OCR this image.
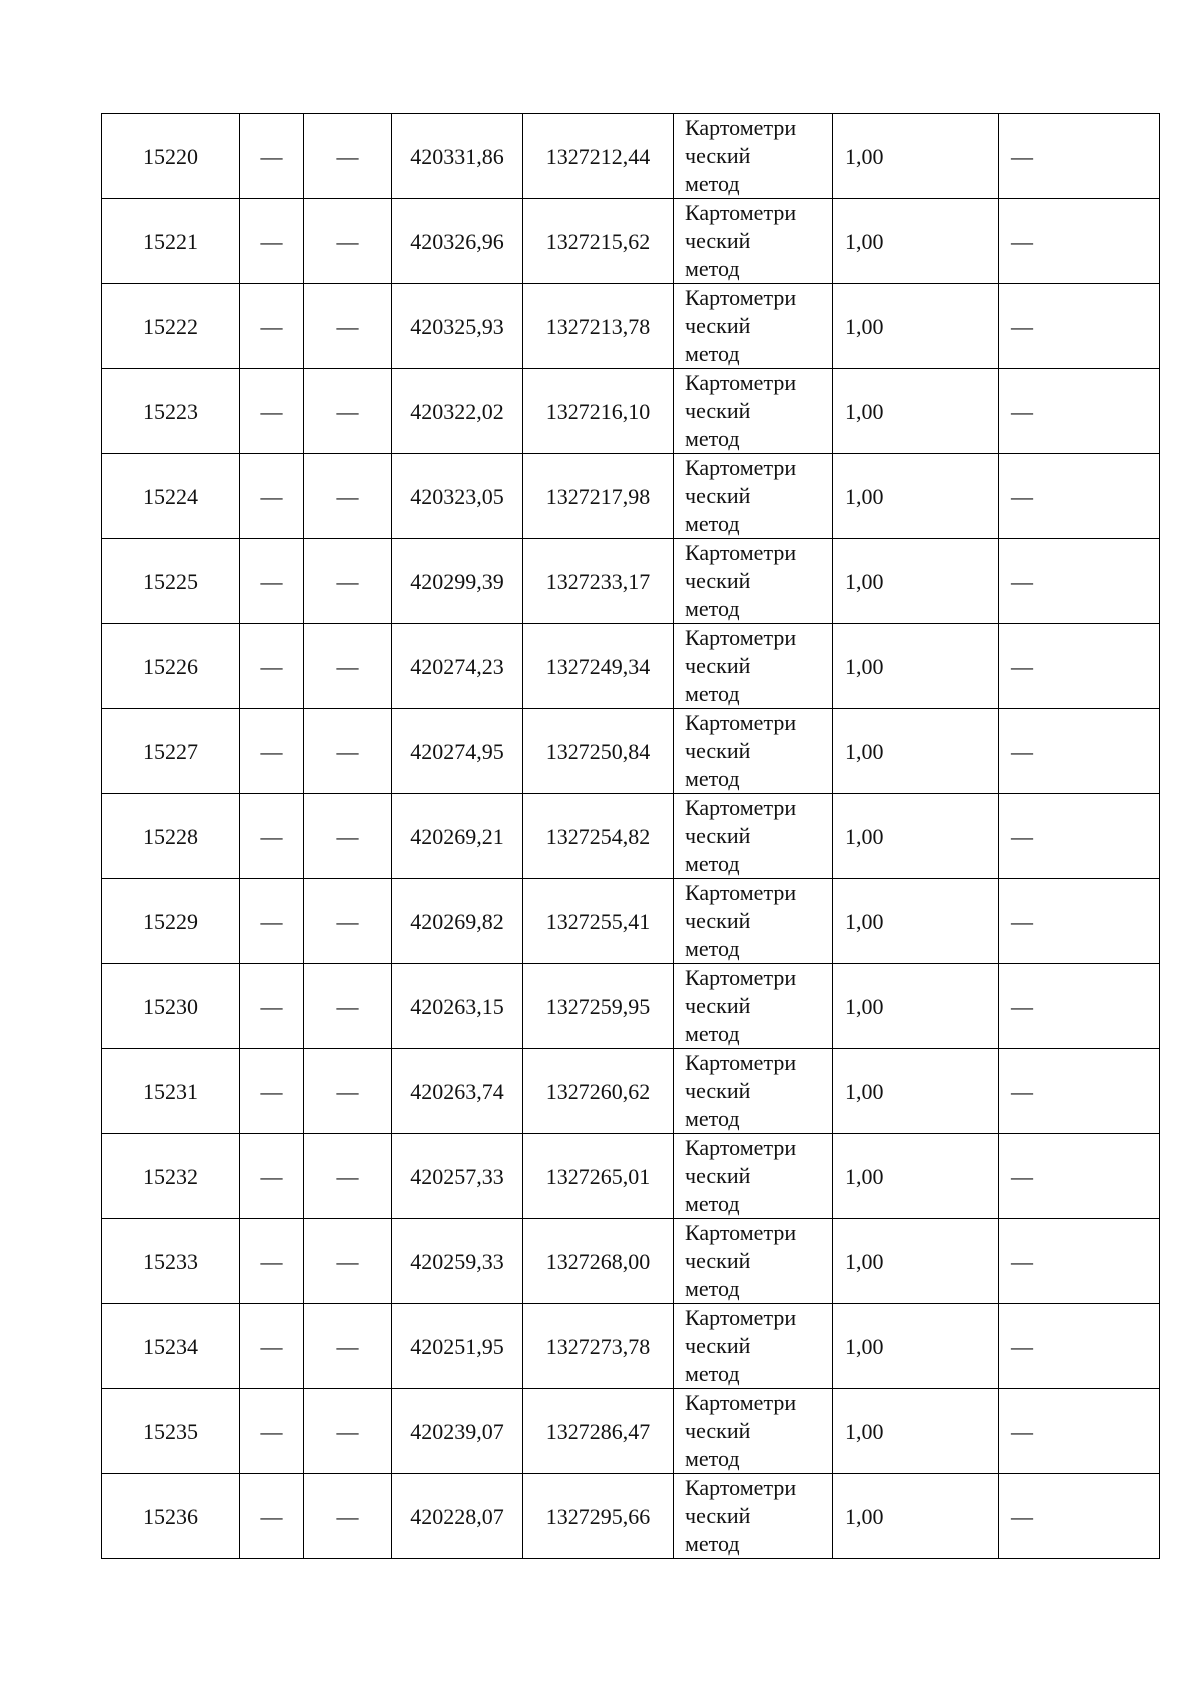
15220	—	—	420331,86	1327212,44	Картометри
ческий
метод	1,00	—
15221	—	—	420326,96	1327215,62	Картометри
ческий
метод	1,00	—
15222	—	—	420325,93	1327213,78	Картометри
ческий
метод	1,00	—
15223	—	—	420322,02	1327216,10	Картометри
ческий
метод	1,00	—
15224	—	—	420323,05	1327217,98	Картометри
ческий
метод	1,00	—
15225	—	—	420299,39	1327233,17	Картометри
ческий
метод	1,00	—
15226	—	—	420274,23	1327249,34	Картометри
ческий
метод	1,00	—
15227	—	—	420274,95	1327250,84	Картометри
ческий
метод	1,00	—
15228	—	—	420269,21	1327254,82	Картометри
ческий
метод	1,00	—
15229	—	—	420269,82	1327255,41	Картометри
ческий
метод	1,00	—
15230	—	—	420263,15	1327259,95	Картометри
ческий
метод	1,00	—
15231	—	—	420263,74	1327260,62	Картометри
ческий
метод	1,00	—
15232	—	—	420257,33	1327265,01	Картометри
ческий
метод	1,00	—
15233	—	—	420259,33	1327268,00	Картометри
ческий
метод	1,00	—
15234	—	—	420251,95	1327273,78	Картометри
ческий
метод	1,00	—
15235	—	—	420239,07	1327286,47	Картометри
ческий
метод	1,00	—
15236	—	—	420228,07	1327295,66	Картометри
ческий
метод	1,00	—
